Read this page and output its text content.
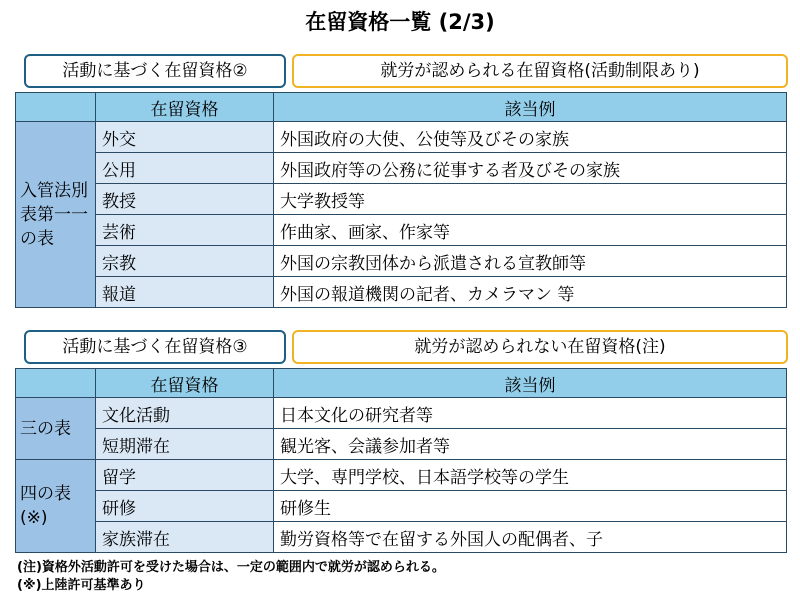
在留資格一覧 (2/3)
活動に基づく在留資格②	就労が認められる在留資格(活動制限あり)
	在留資格	該当例

入管法別表第一一の表	外交	外国政府の大使、公使等及びその家族
	公用	外国政府等の公務に従事する者及びその家族
	教授	大学教授等
	芸術	作曲家、画家、作家等
	宗教	外国の宗教団体から派遣される宣教師等
	報道	外国の報道機関の記者、カメラマン 等
活動に基づく在留資格③	就労が認められない在留資格(注)
	在留資格	該当例
三の表	文化活動	日本文化の研究者等
	短期滞在	観光客、会議参加者等

四の表(※)	留学	大学、専門学校、日本語学校等の学生
	研修	研修生
	家族滞在	勤労資格等で在留する外国人の配偶者、子
(注)資格外活動許可を受けた場合は、一定の範囲内で就労が認められる。
(※)上陸許可基準あり
